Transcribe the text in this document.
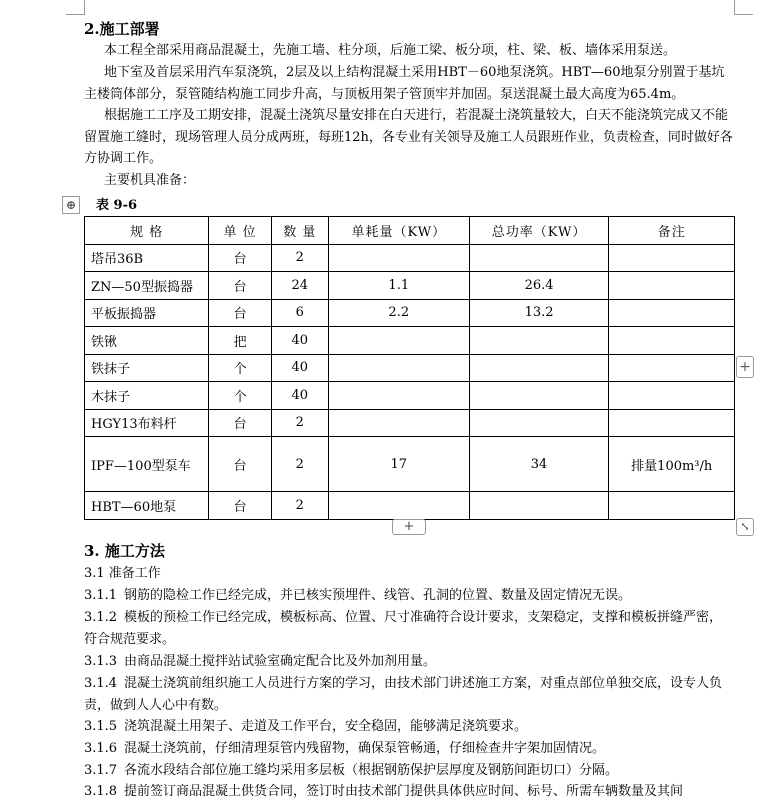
2.施工部署

本工程全部采用商品混凝土，先施工墙、柱分项，后施工梁、板分项，柱、梁、板、墙体采用泵送。

地下室及首层采用汽车泵浇筑，2层及以上结构混凝土采用HBT－60地泵浇筑。HBT—60地泵分别置于基坑主楼筒体部分，泵管随结构施工同步升高，与顶板用架子管顶牢并加固。泵送混凝土最大高度为65.4m。

根据施工工序及工期安排，混凝土浇筑尽量安排在白天进行，若混凝土浇筑量较大，白天不能浇筑完成又不能留置施工缝时，现场管理人员分成两班，每班12h，各专业有关领导及施工人员跟班作业，负责检查，同时做好各方协调工作。

主要机具准备：

⊕	表 9-6
规 格	单 位	数 量	单耗量（KW）	总功率（KW）	备注
塔吊36B	台	2			
ZN—50型振捣器	台	24	1.1	26.4	
平板振捣器	台	6	2.2	13.2	
铁锹	把	40			
铁抹子	个	40			
木抹子	个	40			
HGY13布料杆	台	2			
IPF—100型泵车	台	2	17	34	排量100m³/h
HBT—60地泵	台	2			
+
+	⤡
3. 施工方法

3.1 准备工作

3.1.1 钢筋的隐检工作已经完成，并已核实预埋件、线管、孔洞的位置、数量及固定情况无误。

3.1.2 模板的预检工作已经完成，模板标高、位置、尺寸准确符合设计要求，支架稳定，支撑和模板拼缝严密，符合规范要求。

3.1.3 由商品混凝土搅拌站试验室确定配合比及外加剂用量。

3.1.4 混凝土浇筑前组织施工人员进行方案的学习，由技术部门讲述施工方案，对重点部位单独交底，设专人负责，做到人人心中有数。

3.1.5 浇筑混凝土用架子、走道及工作平台，安全稳固，能够满足浇筑要求。

3.1.6 混凝土浇筑前，仔细清理泵管内残留物，确保泵管畅通，仔细检查井字架加固情况。

3.1.7 各流水段结合部位施工缝均采用多层板（根据钢筋保护层厚度及钢筋间距切口）分隔。

3.1.8 提前签订商品混凝土供货合同，签订时由技术部门提供具体供应时间、标号、所需车辆数量及其间
